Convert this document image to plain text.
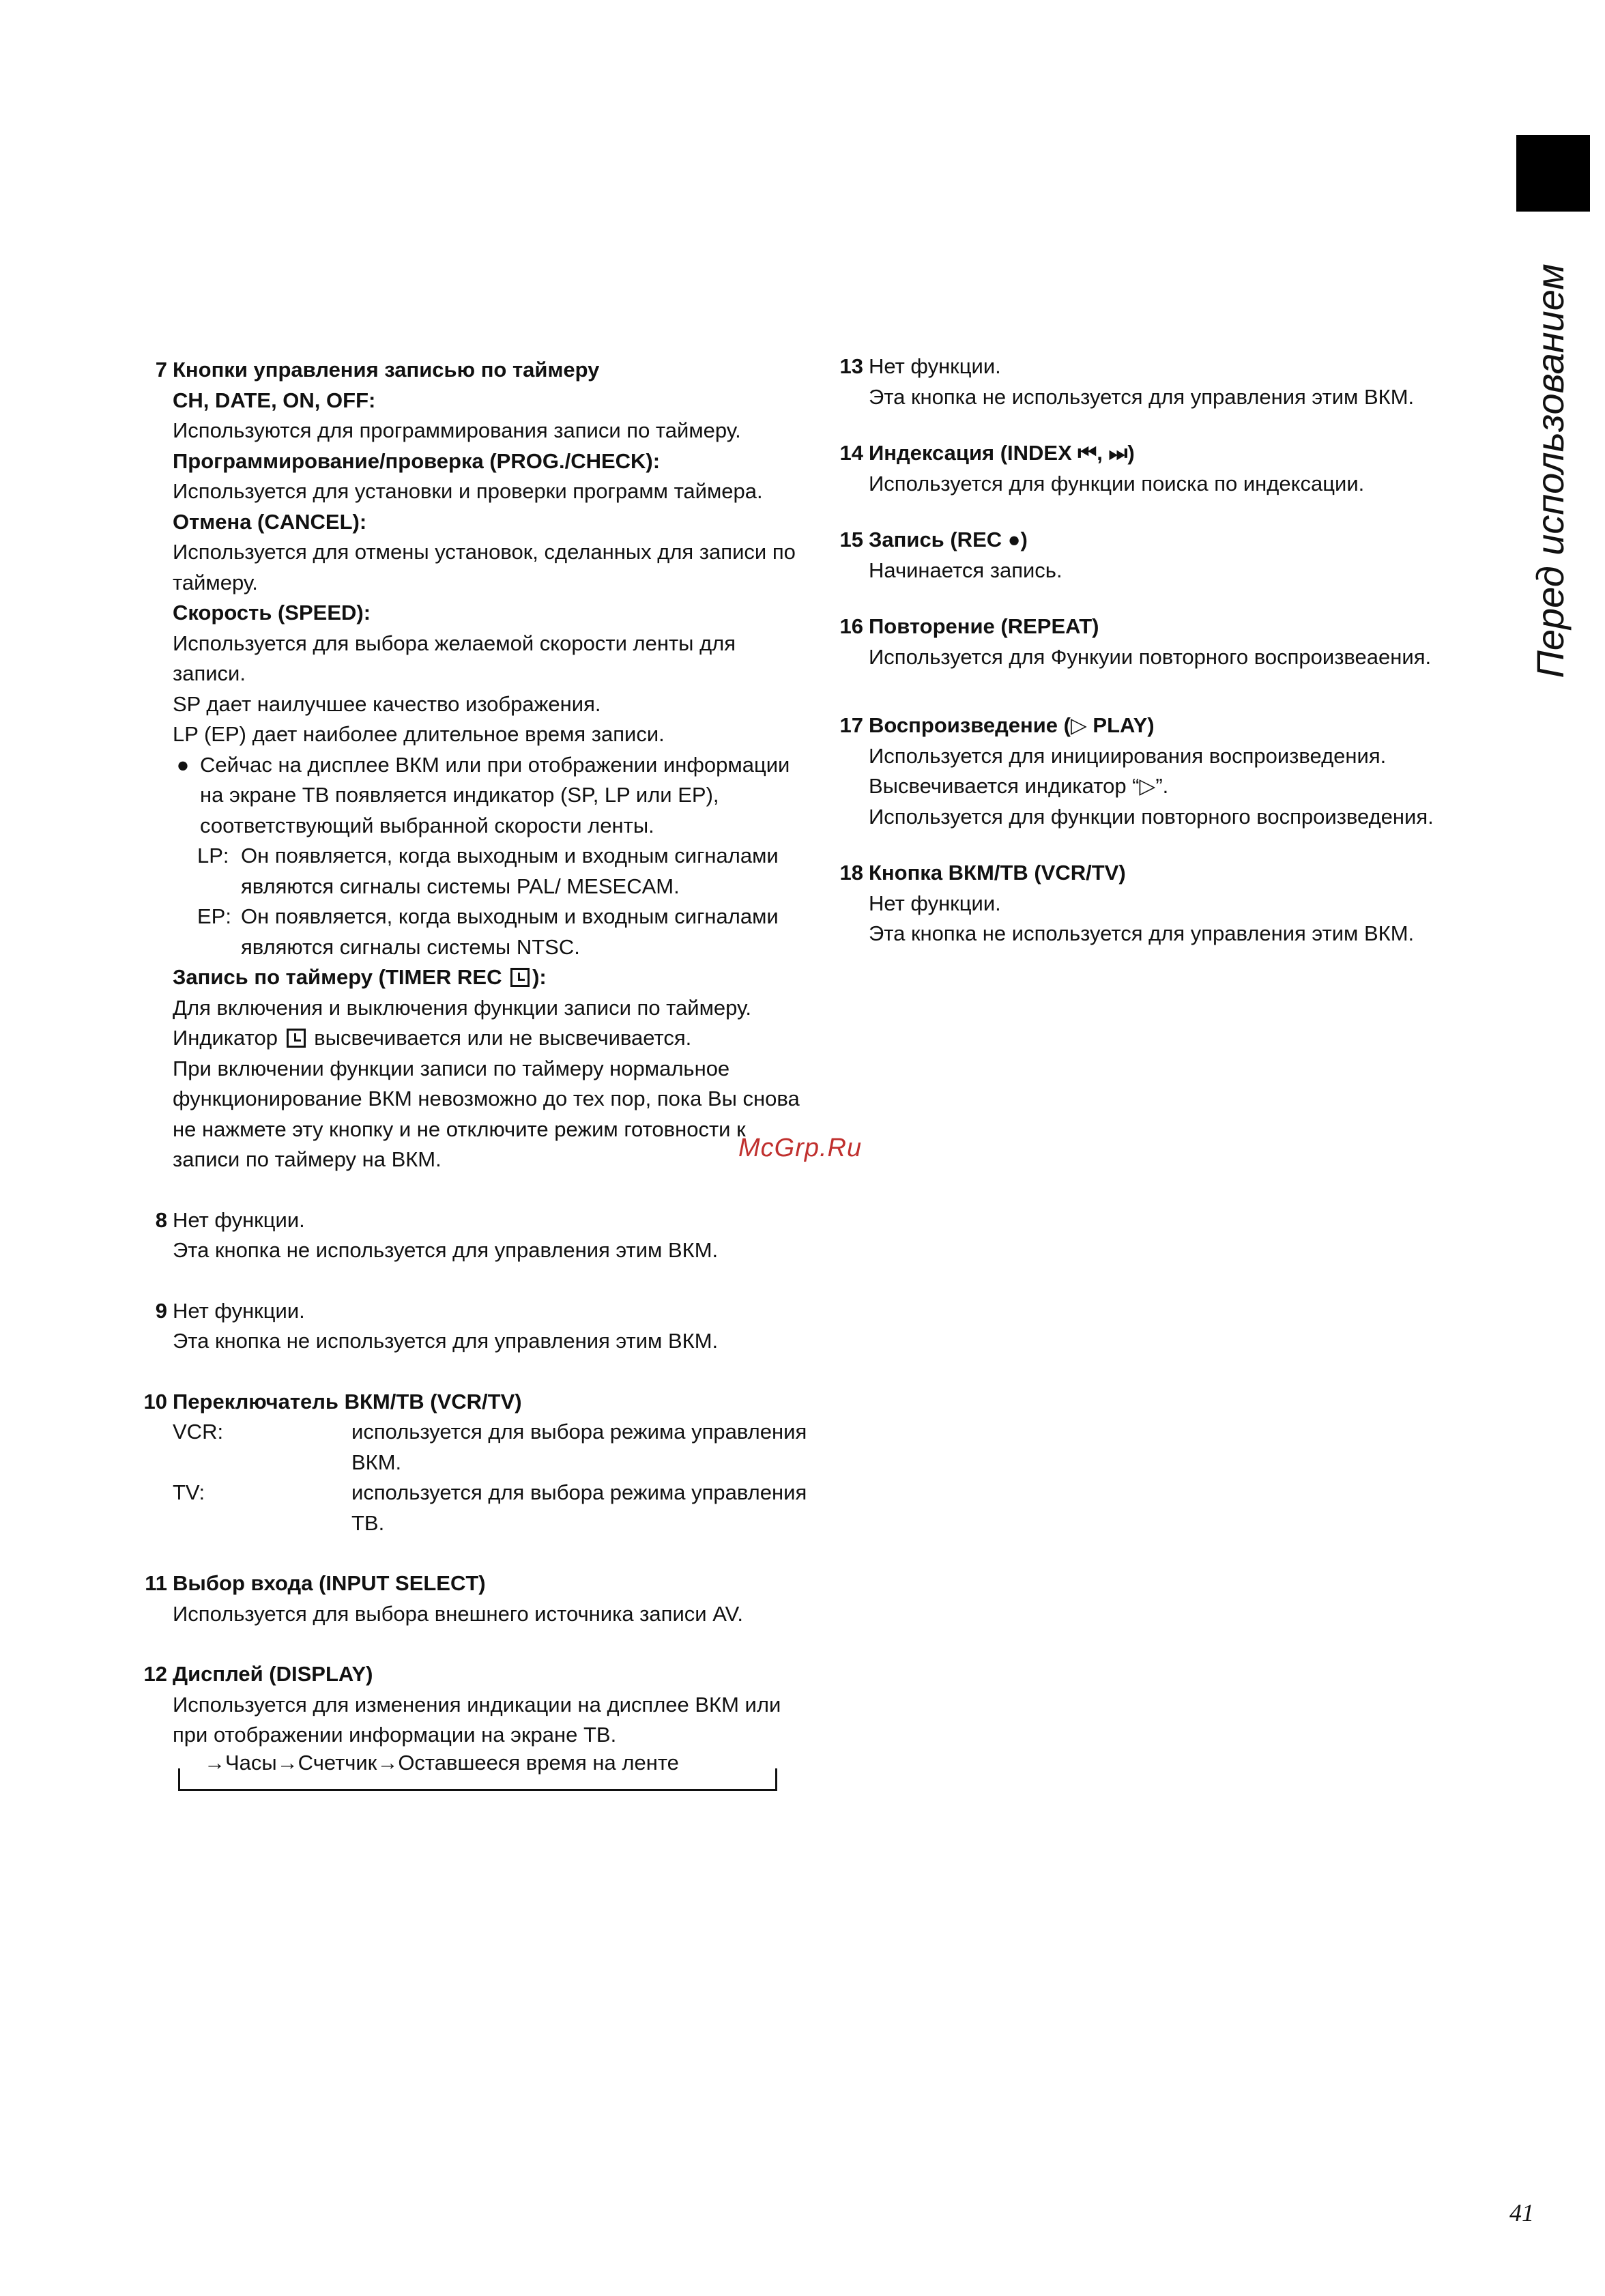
Перед использованием
7 Кнопки управления записью по таймеру
CH, DATE, ON, OFF:
Используются для программирования записи по таймеру.
Программирование/проверка (PROG./CHECK):
Используется для установки и проверки программ таймера.
Отмена (CANCEL):
Используется для отмены установок, сделанных для записи по таймеру.
Скорость (SPEED):
Используется для выбора желаемой скорости ленты для записи.
SP дает наилучшее качество изображения.
LP (EP) дает наиболее длительное время записи.
● Сейчас на дисплее ВКМ или при отображении информации на экране ТВ появляется индикатор (SP, LP или EP), соответствующий выбранной скорости ленты.
LP: Он появляется, когда выходным и входным сигналами являются сигналы системы PAL/ MESECAM.
EP: Он появляется, когда выходным и входным сигналами являются сигналы системы NTSC.
Запись по таймеру (TIMER REC ):
Для включения и выключения функции записи по таймеру. Индикатор высвечивается или не высвечивается.
При включении функции записи по таймеру нормальное функционирование ВКМ невозможно до тех пор, пока Вы снова не нажмете эту кнопку и не отключите режим готовности к записи по таймеру на ВКМ.
8 Нет функции.
Эта кнопка не используется для управления этим ВКМ.
9 Нет функции.
Эта кнопка не используется для управления этим ВКМ.
10 Переключатель ВКМ/ТВ (VCR/TV)
VCR:	используется для выбора режима управления ВКМ.
TV:	используется для выбора режима управления ТВ.
11 Выбор входа (INPUT SELECT)
Используется для выбора внешнего источника записи AV.
12 Дисплей (DISPLAY)
Используется для изменения индикации на дисплее ВКМ или при отображении информации на экране ТВ.
→Часы→Счетчик→Оставшееся время на ленте
13 Нет функции.
Эта кнопка не используется для управления этим ВКМ.
14 Индексация (INDEX ⏮, ⏭)
Используется для функции поиска по индексации.
15 Запись (REC ●)
Начинается запись.
16 Повторение (REPEAT)
Используется для Функуии повторного воспроизвеаения.
17 Воспроизведение (▷ PLAY)
Используется для инициирования воспроизведения.
Высвечивается индикатор “▷”.
Используется для функции повторного воспроизведения.
18 Кнопка ВКМ/ТВ (VCR/TV)
Нет функции.
Эта кнопка не используется для управления этим ВКМ.
McGrp.Ru
41
